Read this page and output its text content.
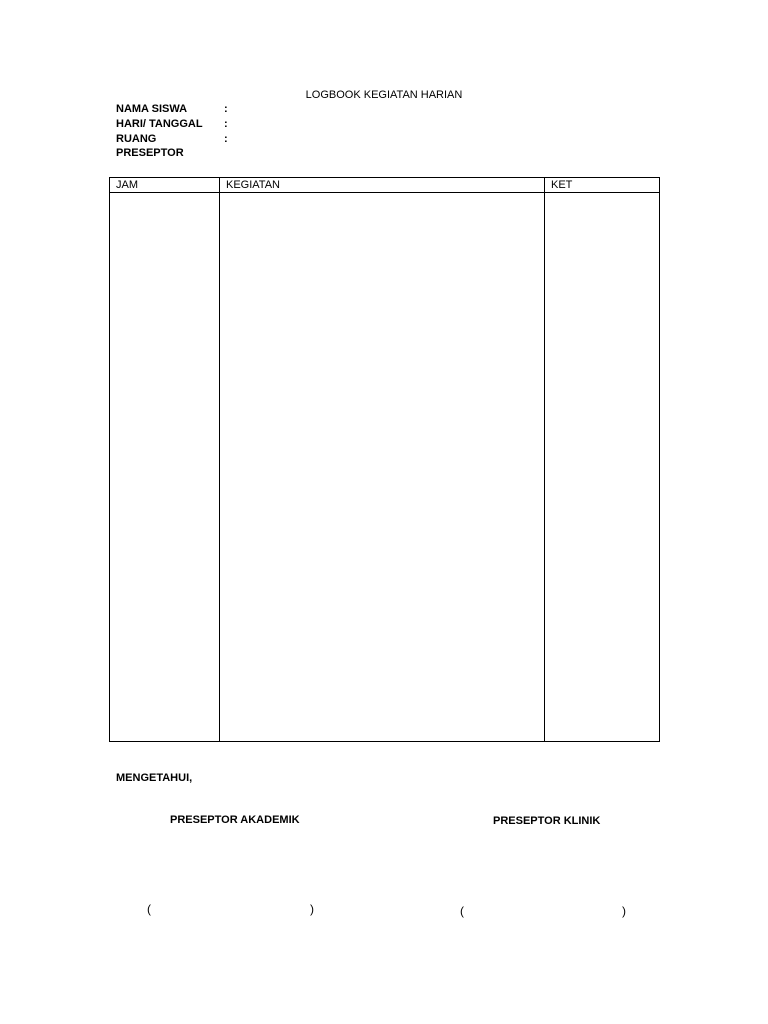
LOGBOOK KEGIATAN HARIAN
NAMA SISWA	:
HARI/ TANGGAL :
RUANG	:
PRESEPTOR
JAM	KEGIATAN	KET

MENGETAHUI,
PRESEPTOR AKADEMIK	PRESEPTOR KLINIK
(	)	(	)
